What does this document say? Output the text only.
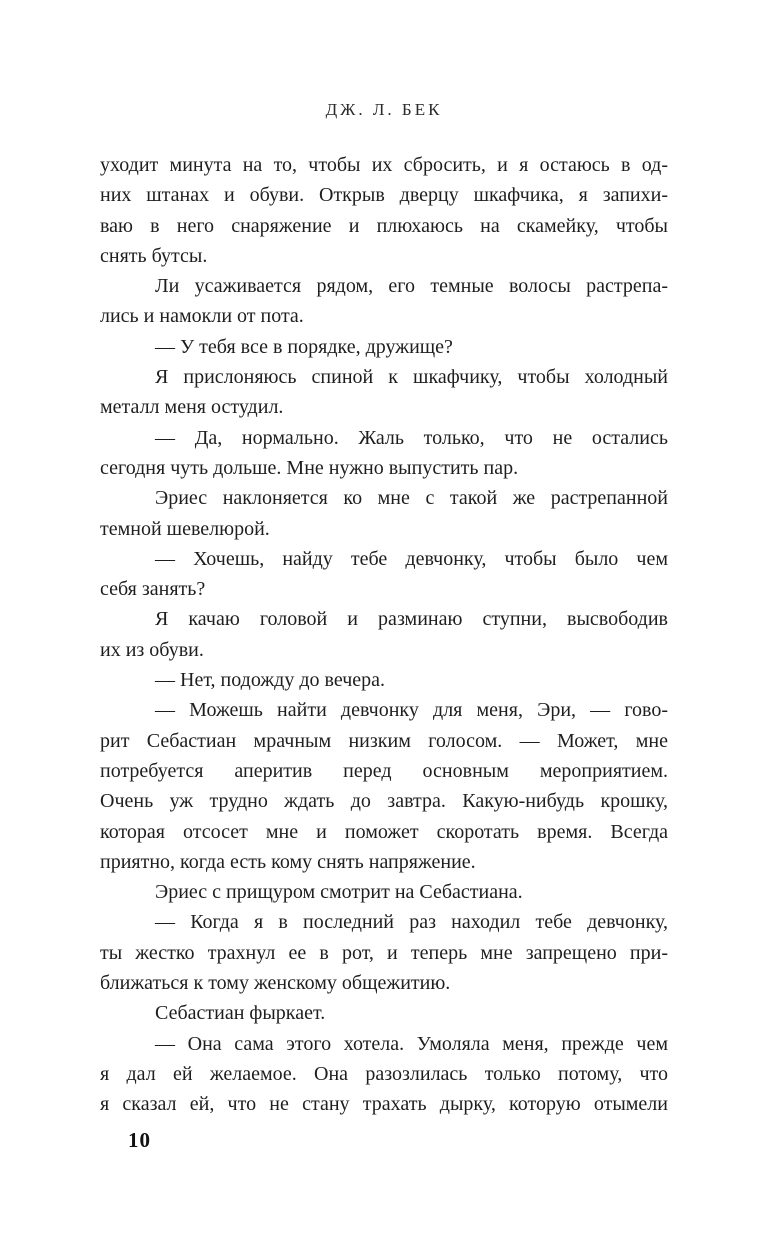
ДЖ. Л. БЕК
уходит минута на то, чтобы их сбросить, и я остаюсь в од-
них штанах и обуви. Открыв дверцу шкафчика, я запихи-
ваю в него снаряжение и плюхаюсь на скамейку, чтобы
снять бутсы.
Ли усаживается рядом, его темные волосы растрепа-
лись и намокли от пота.
— У тебя все в порядке, дружище?
Я прислоняюсь спиной к шкафчику, чтобы холодный
металл меня остудил.
— Да, нормально. Жаль только, что не остались
сегодня чуть дольше. Мне нужно выпустить пар.
Эриес наклоняется ко мне с такой же растрепанной
темной шевелюрой.
— Хочешь, найду тебе девчонку, чтобы было чем
себя занять?
Я качаю головой и разминаю ступни, высвободив
их из обуви.
— Нет, подожду до вечера.
— Можешь найти девчонку для меня, Эри, — гово-
рит Себастиан мрачным низким голосом. — Может, мне
потребуется аперитив перед основным мероприятием.
Очень уж трудно ждать до завтра. Какую-нибудь крошку,
которая отсосет мне и поможет скоротать время. Всегда
приятно, когда есть кому снять напряжение.
Эриес с прищуром смотрит на Себастиана.
— Когда я в последний раз находил тебе девчонку,
ты жестко трахнул ее в рот, и теперь мне запрещено при-
ближаться к тому женскому общежитию.
Себастиан фыркает.
— Она сама этого хотела. Умоляла меня, прежде чем
я дал ей желаемое. Она разозлилась только потому, что
я сказал ей, что не стану трахать дырку, которую отымели
10
